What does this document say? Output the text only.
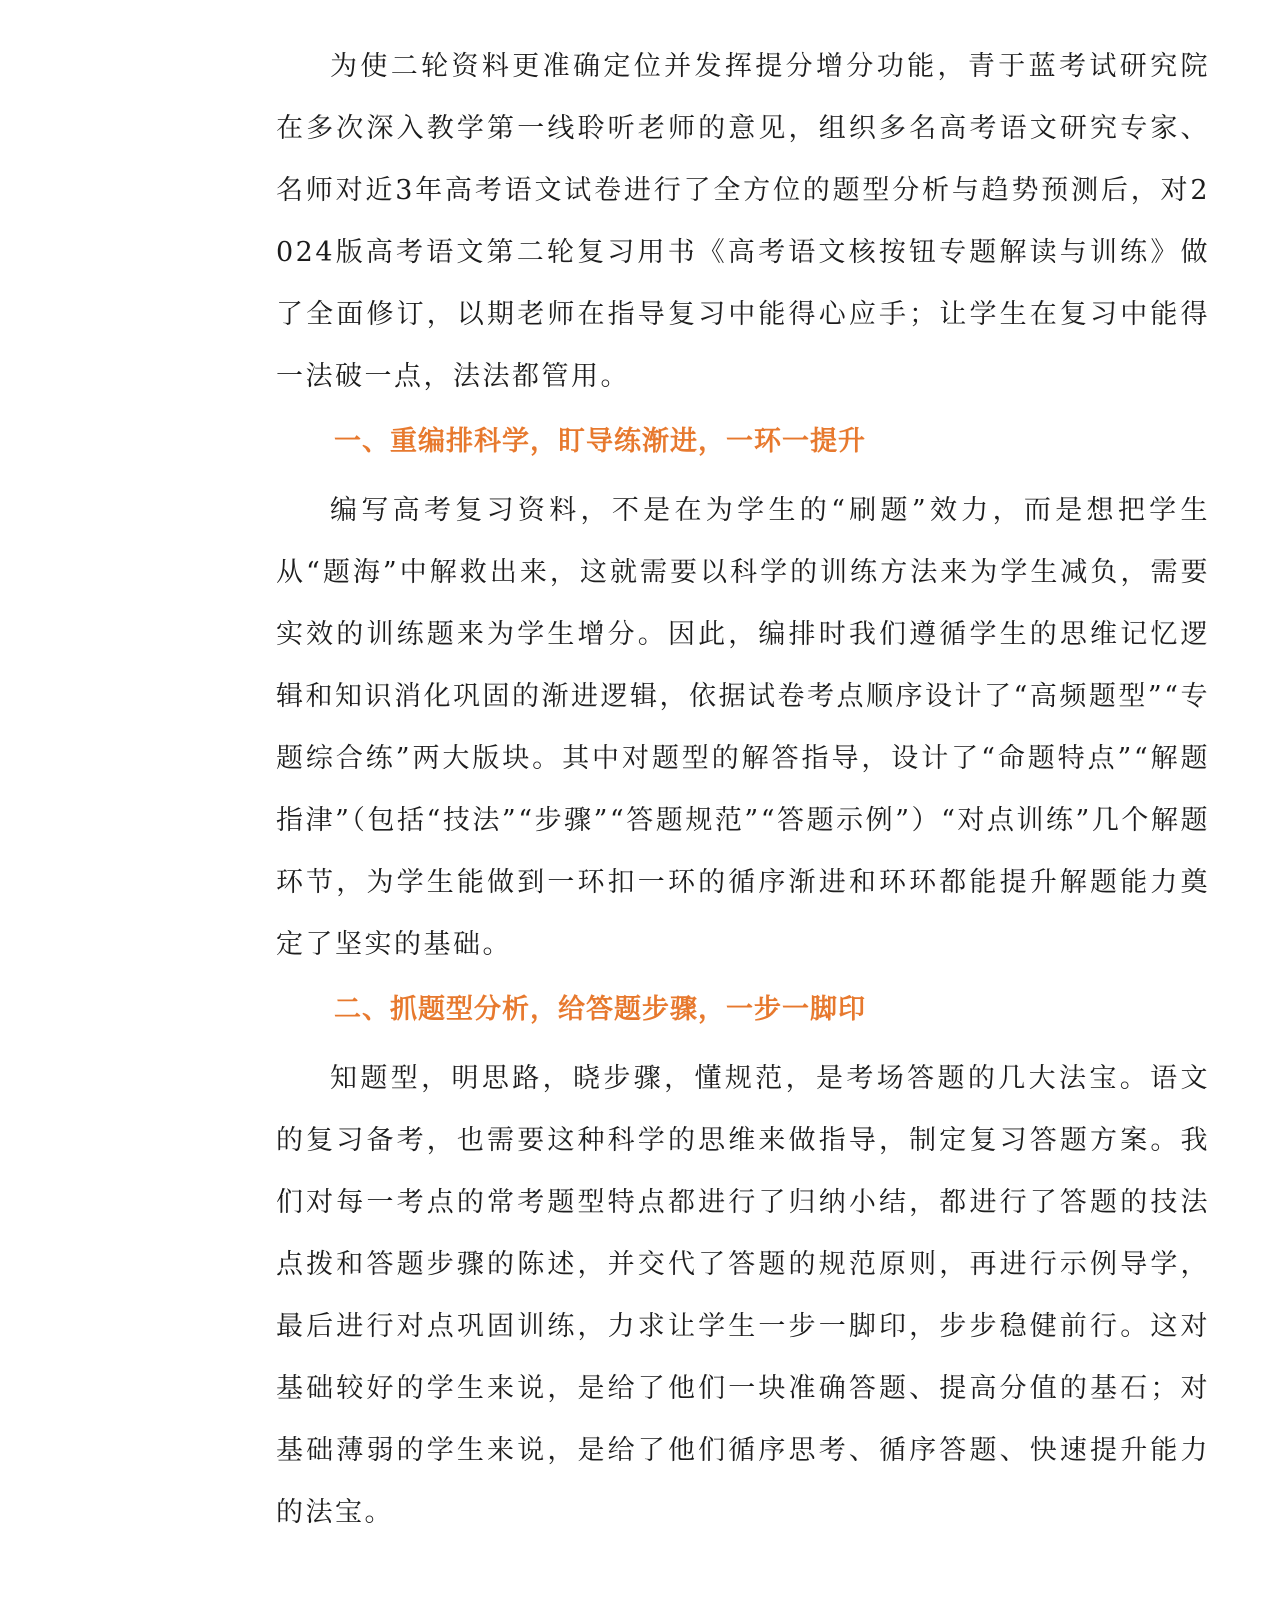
为使二轮资料更准确定位并发挥提分增分功能，青于蓝考试研究院在多次深入教学第一线聆听老师的意见，组织多名高考语文研究专家、名师对近3年高考语文试卷进行了全方位的题型分析与趋势预测后，对2024版高考语文第二轮复习用书《高考语文核按钮专题解读与训练》做了全面修订，以期老师在指导复习中能得心应手；让学生在复习中能得一法破一点，法法都管用。

一、重编排科学，盯导练渐进，一环一提升

编写高考复习资料，不是在为学生的“刷题”效力，而是想把学生从“题海”中解救出来，这就需要以科学的训练方法来为学生减负，需要实效的训练题来为学生增分。因此，编排时我们遵循学生的思维记忆逻辑和知识消化巩固的渐进逻辑，依据试卷考点顺序设计了“高频题型”“专题综合练”两大版块。其中对题型的解答指导，设计了“命题特点”“解题指津”（包括“技法”“步骤”“答题规范”“答题示例”）“对点训练”几个解题环节，为学生能做到一环扣一环的循序渐进和环环都能提升解题能力奠定了坚实的基础。

二、抓题型分析，给答题步骤，一步一脚印

知题型，明思路，晓步骤，懂规范，是考场答题的几大法宝。语文的复习备考，也需要这种科学的思维来做指导，制定复习答题方案。我们对每一考点的常考题型特点都进行了归纳小结，都进行了答题的技法点拨和答题步骤的陈述，并交代了答题的规范原则，再进行示例导学，最后进行对点巩固训练，力求让学生一步一脚印，步步稳健前行。这对基础较好的学生来说，是给了他们一块准确答题、提高分值的基石；对基础薄弱的学生来说，是给了他们循序思考、循序答题、快速提升能力的法宝。
